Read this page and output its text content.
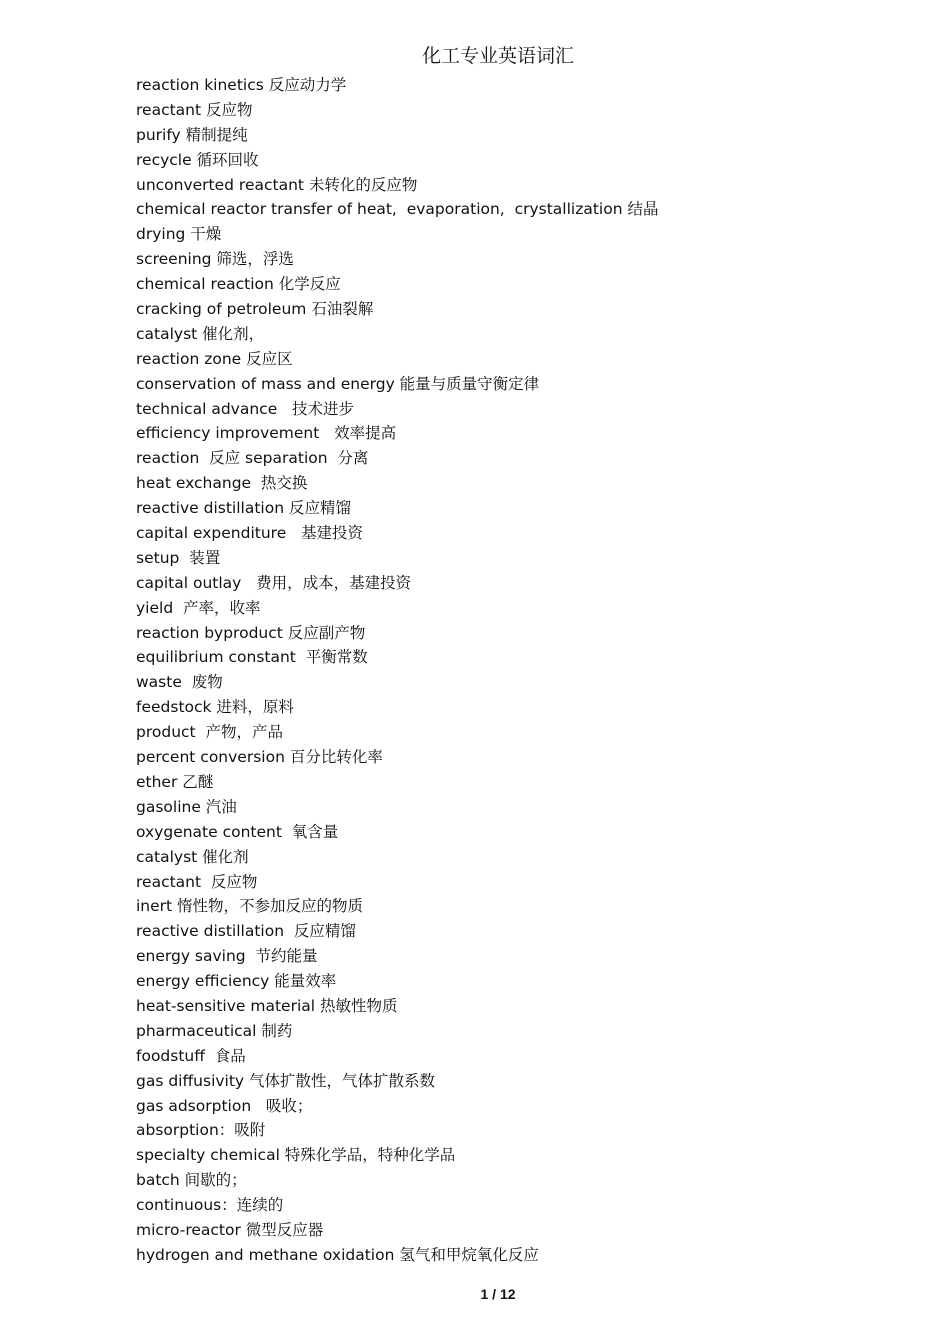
化工专业英语词汇
reaction kinetics 反应动力学
reactant 反应物
purify 精制提纯
recycle 循环回收
unconverted reactant 未转化的反应物
chemical reactor transfer of heat,  evaporation,  crystallization 结晶
drying 干燥
screening 筛选，浮选
chemical reaction 化学反应
cracking of petroleum 石油裂解
catalyst 催化剂，
reaction zone 反应区
conservation of mass and energy 能量与质量守衡定律
technical advance   技术进步
efficiency improvement   效率提高
reaction  反应 separation  分离
heat exchange  热交换
reactive distillation 反应精馏
capital expenditure   基建投资
setup  装置
capital outlay   费用，成本，基建投资
yield  产率，收率
reaction byproduct 反应副产物
equilibrium constant  平衡常数
waste  废物
feedstock 进料，原料
product  产物，产品
percent conversion 百分比转化率
ether 乙醚
gasoline 汽油
oxygenate content  氧含量
catalyst 催化剂
reactant  反应物
inert 惰性物，不参加反应的物质
reactive distillation  反应精馏
energy saving  节约能量
energy efficiency 能量效率
heat-sensitive material 热敏性物质
pharmaceutical 制药
foodstuff  食品
gas diffusivity 气体扩散性，气体扩散系数
gas adsorption   吸收；
absorption：吸附
specialty chemical 特殊化学品，特种化学品
batch 间歇的；
continuous：连续的
micro-reactor 微型反应器
hydrogen and methane oxidation 氢气和甲烷氧化反应
1 / 12
